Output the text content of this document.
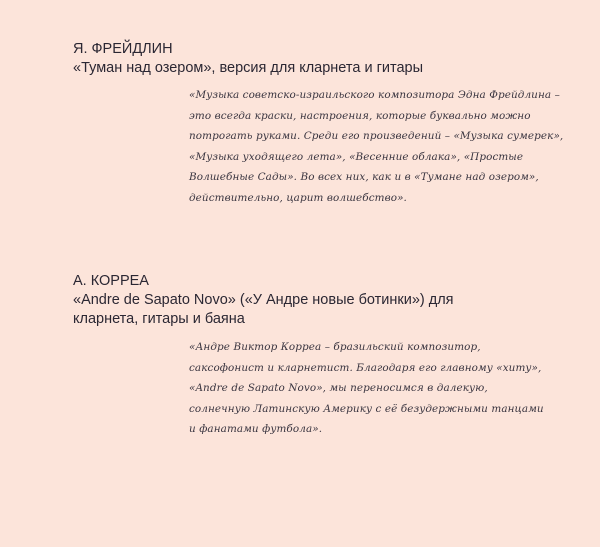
Я. ФРЕЙДЛИН

«Туман над озером», версия для кларнета и гитары

«Музыка советско-израильского композитора Эдна Фрейдлина – это всегда краски, настроения, которые буквально можно потрогать руками. Среди его произведений – «Музыка сумерек», «Музыка уходящего лета», «Весенние облака», «Простые Волшебные Сады». Во всех них, как и в «Тумане над озером», действительно, царит волшебство».

А. КОРРЕА

«Andre de Sapato Novo» («У Андре новые ботинки») для кларнета, гитары и баяна

«Андре Виктор Коррea – бразильский композитор, саксофонист и кларнетист. Благодаря его главному «хиту», «Andre de Sapato Novo», мы переносимся в далекую, солнечную Латинскую Америку с её безудержными танцами и фанатами футбола».
